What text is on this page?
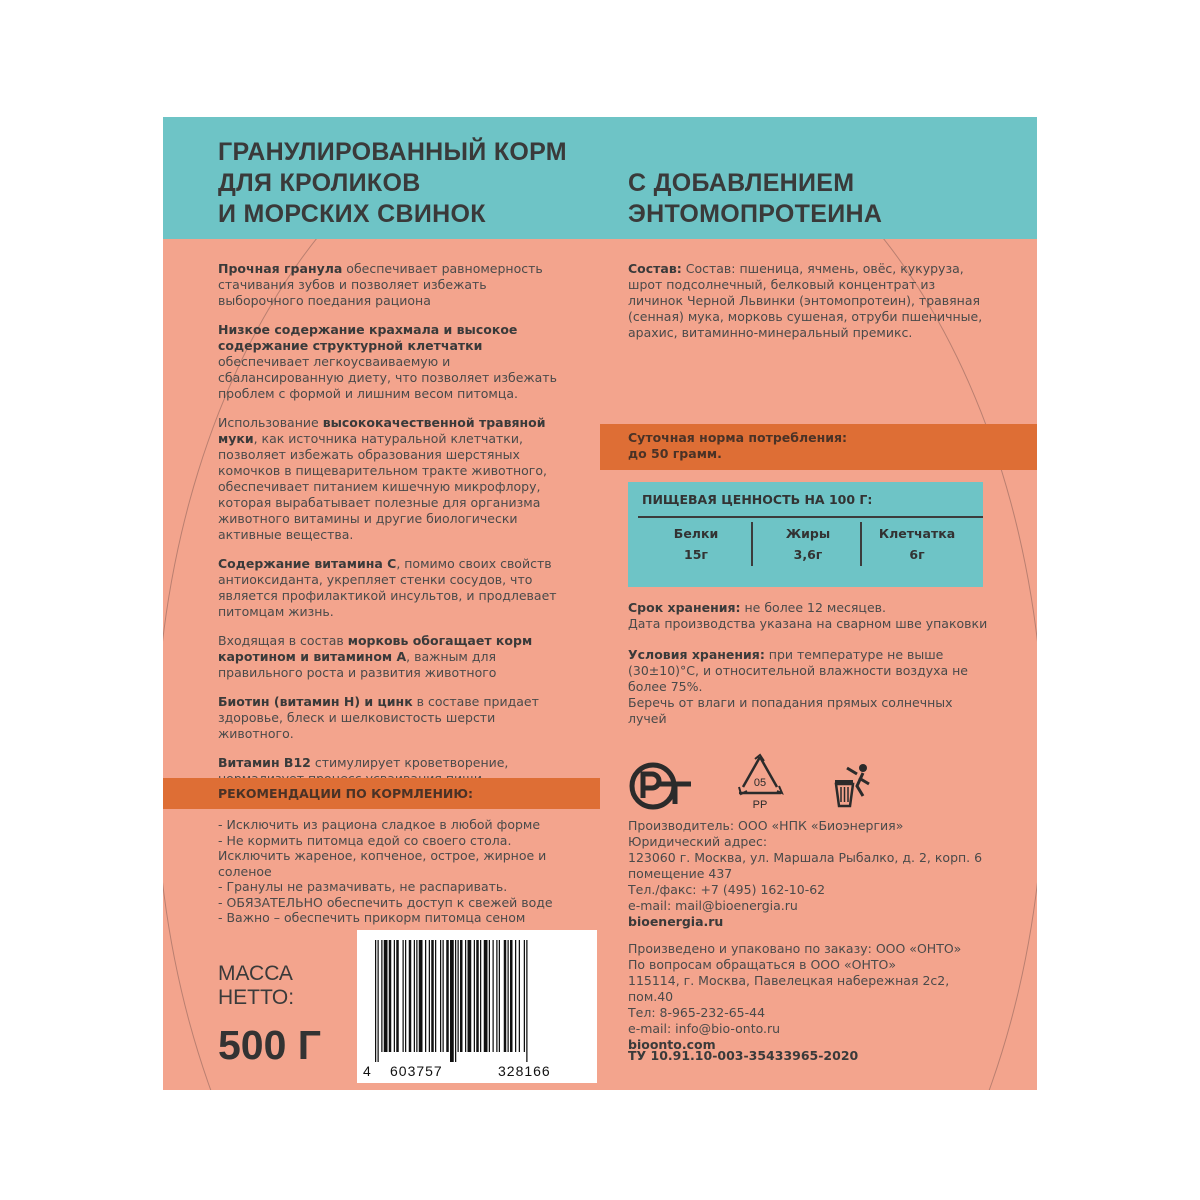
ГРАНУЛИРОВАННЫЙ КОРМ
ДЛЯ КРОЛИКОВ
И МОРСКИХ СВИНОК
С ДОБАВЛЕНИЕМ
ЭНТОМОПРОТЕИНА

Прочная гранула обеспечивает равномерность стачивания зубов и позволяет избежать выборочного поедания рациона

Низкое содержание крахмала и высокое содержание структурной клетчатки обеспечивает легкоусваиваемую и сбалансированную диету, что позволяет избежать проблем с формой и лишним весом питомца.

Использование высококачественной травяной муки, как источника натуральной клетчатки, позволяет избежать образования шерстяных комочков в пищеварительном тракте животного, обеспечивает питанием кишечную микрофлору, которая вырабатывает полезные для организма животного витамины и другие биологически активные вещества.

Содержание витамина С, помимо своих свойств антиоксиданта, укрепляет стенки сосудов, что является профилактикой инсультов, и продлевает питомцам жизнь.

Входящая в состав морковь обогащает корм каротином и витамином А, важным для правильного роста и развития животного

Биотин (витамин Н) и цинк в составе придает здоровье, блеск и шелковистость шерсти животного.

Витамин В12 стимулирует кроветворение,

Состав: Состав: пшеница, ячмень, овёс, кукуруза, шрот подсолнечный, белковый концентрат из личинок Черной Львинки (энтомопротеин), травяная (сенная) мука, морковь сушеная, отруби пшеничные, арахис, витаминно-минеральный премикс.
Суточная норма потребления:
до 50 грамм.
ПИЩЕВАЯ ЦЕННОСТЬ НА 100 Г:
Белки
15г
Жиры
3,6г
Клетчатка
6г
Срок хранения: не более 12 месяцев.
Дата производства указана на сварном шве упаковки
Условия хранения: при температуре не выше (30±10)°С, и относительной влажности воздуха не более 75%.
Беречь от влаги и попадания прямых солнечных лучей
РЕКОМЕНДАЦИИ ПО КОРМЛЕНИЮ:
- Исключить из рациона сладкое в любой форме
- Не кормить питомца едой со своего стола. Исключить жареное, копченое, острое, жирное и соленое
- Гранулы не размачивать, не распаривать.
- ОБЯЗАТЕЛЬНО обеспечить доступ к свежей воде
- Важно – обеспечить прикорм питомца сеном
05
PP
Производитель: ООО «НПК «Биоэнергия»
Юридический адрес:
123060 г. Москва, ул. Маршала Рыбалко, д. 2, корп. 6
помещение 437
Тел./факс: +7 (495) 162-10-62
e-mail: mail@bioenergia.ru
bioenergia.ru
Произведено и упаковано по заказу: ООО «ОНТО»
По вопросам обращаться в ООО «ОНТО»
115114, г. Москва, Павелецкая набережная 2с2, пом.40
Тел: 8-965-232-65-44
e-mail: info@bio-onto.ru
bioonto.com
ТУ 10.91.10-003-35433965-2020
МАССА
НЕТТО:
500 Г
4 603757	328166
